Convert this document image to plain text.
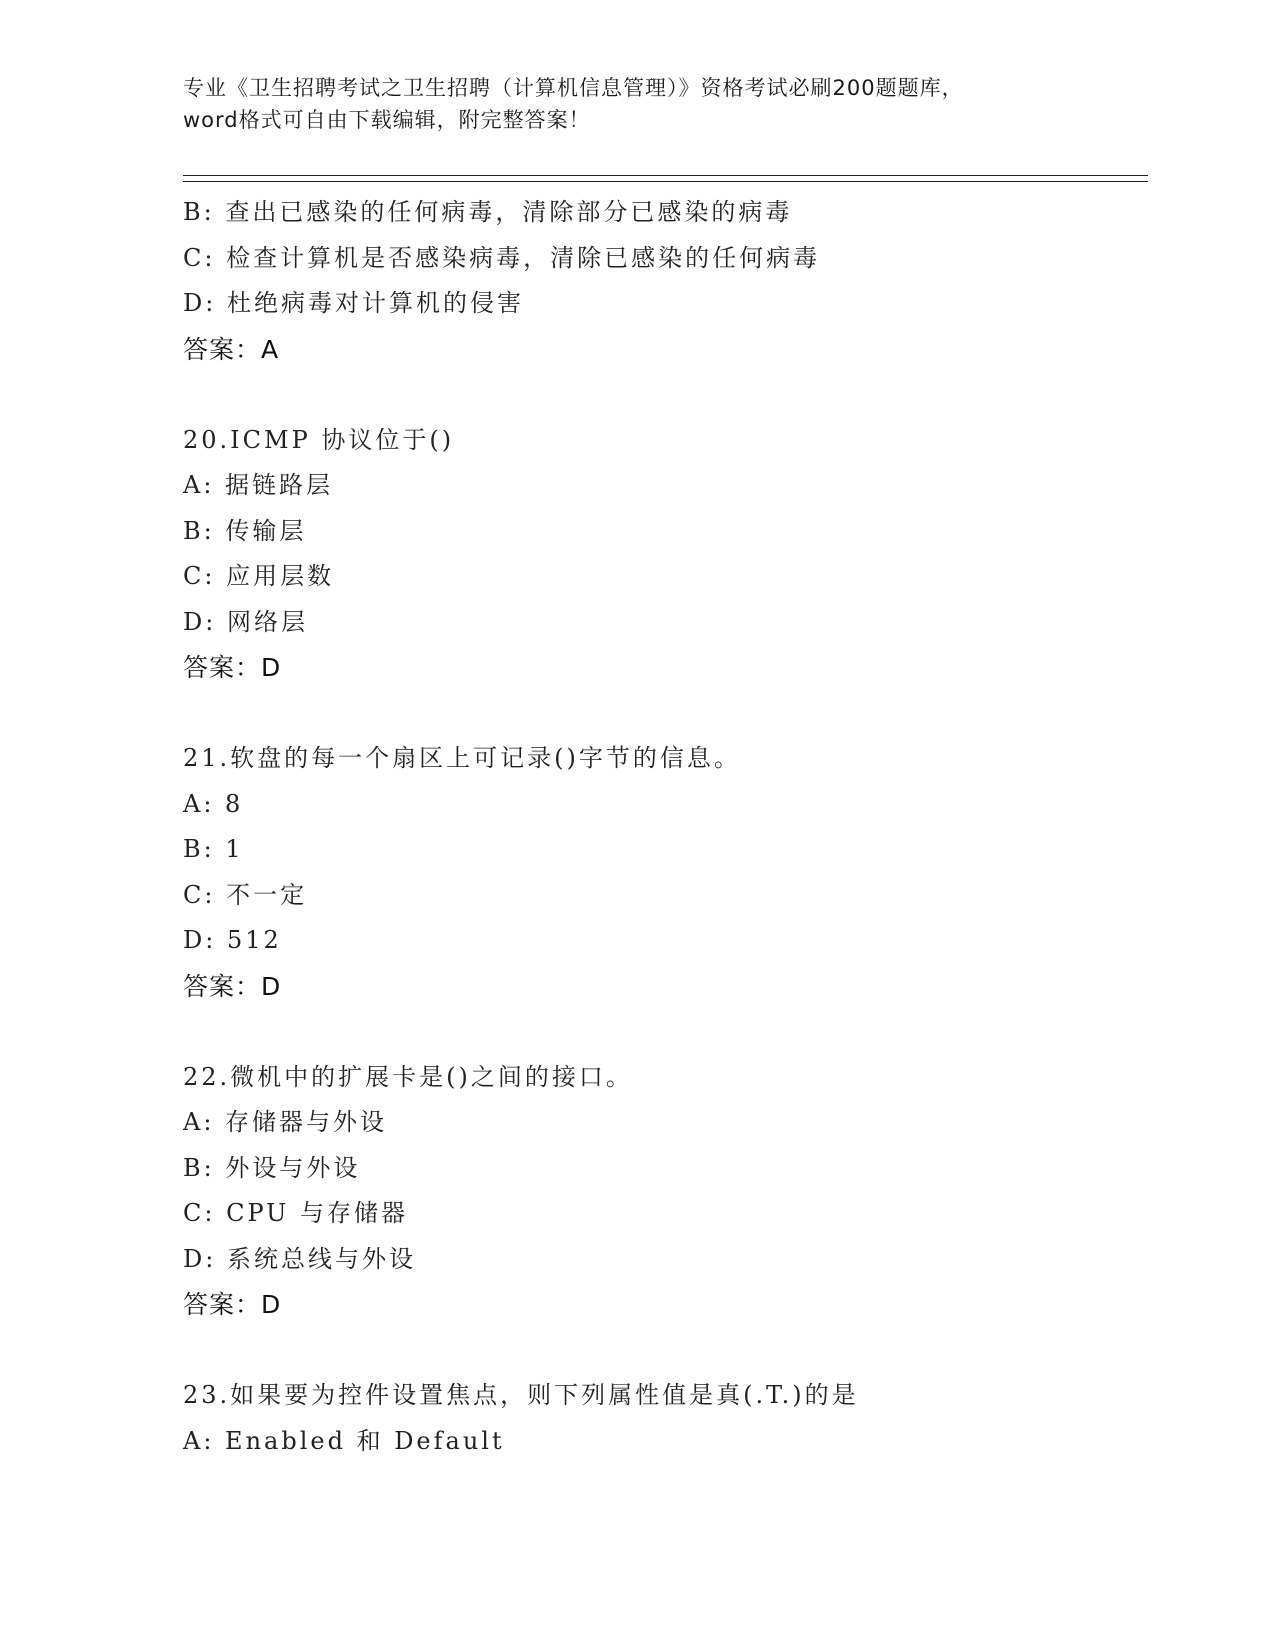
专业《卫生招聘考试之卫生招聘（计算机信息管理）》资格考试必刷200题题库，
word格式可自由下载编辑，附完整答案！
B: 查出已感染的任何病毒，清除部分已感染的病毒
C: 检查计算机是否感染病毒，清除已感染的任何病毒
D: 杜绝病毒对计算机的侵害
答案：A
20.ICMP 协议位于()
A: 据链路层
B: 传输层
C: 应用层数
D: 网络层
答案：D
21.软盘的每一个扇区上可记录()字节的信息。
A: 8
B: 1
C: 不一定
D: 512
答案：D
22.微机中的扩展卡是()之间的接口。
A: 存储器与外设
B: 外设与外设
C: CPU 与存储器
D: 系统总线与外设
答案：D
23.如果要为控件设置焦点，则下列属性值是真(.T.)的是
A: Enabled 和 Default
